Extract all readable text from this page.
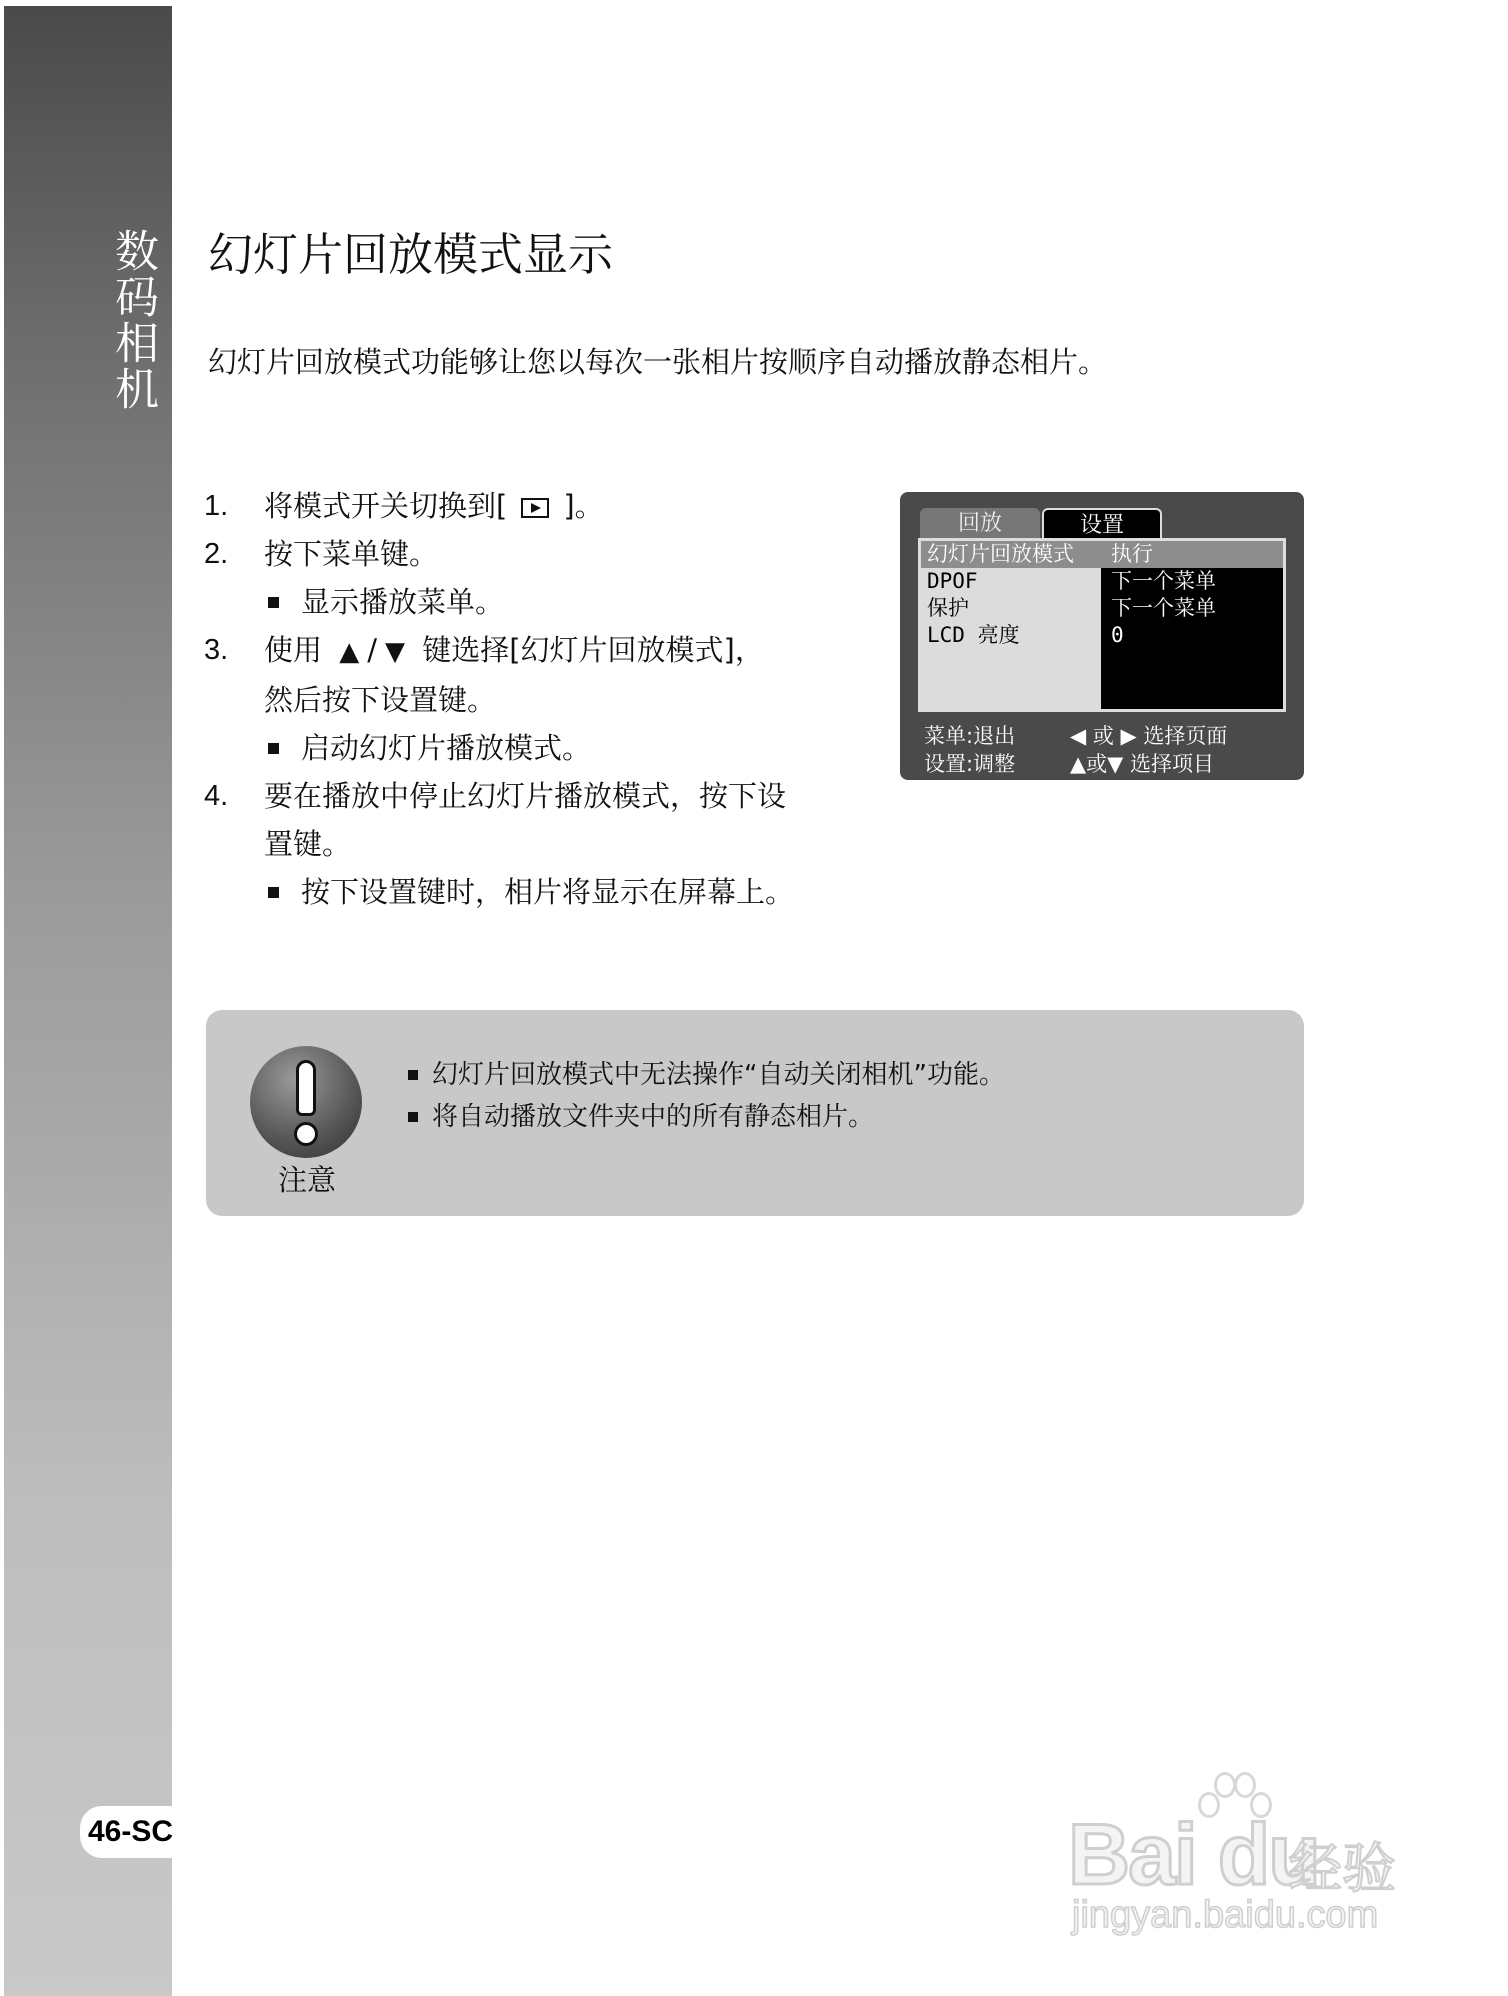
数码相机
46-SC
幻灯片回放模式显示

幻灯片回放模式功能够让您以每次一张相片按顺序自动播放静态相片。

1.	将模式开关切换到[ ]。
2.	按下菜单键。
显示播放菜单。
3.	使用 ▲ / ▼ 键选择[幻灯片回放模式]，
然后按下设置键。
启动幻灯片播放模式。
4.	要在播放中停止幻灯片播放模式，按下设
置键。
按下设置键时，相片将显示在屏幕上。
回放	设置
幻灯片回放模式 执行
DPOF	下一个菜单
保护	下一个菜单
LCD 亮度	0
菜单:退出	◀ 或 ▶ 选择页面
设置:调整	▲或▼ 选择项目
注意
幻灯片回放模式中无法操作“自动关闭相机”功能。
将自动播放文件夹中的所有静态相片。
Bai du
经验
jingyan.baidu.com
